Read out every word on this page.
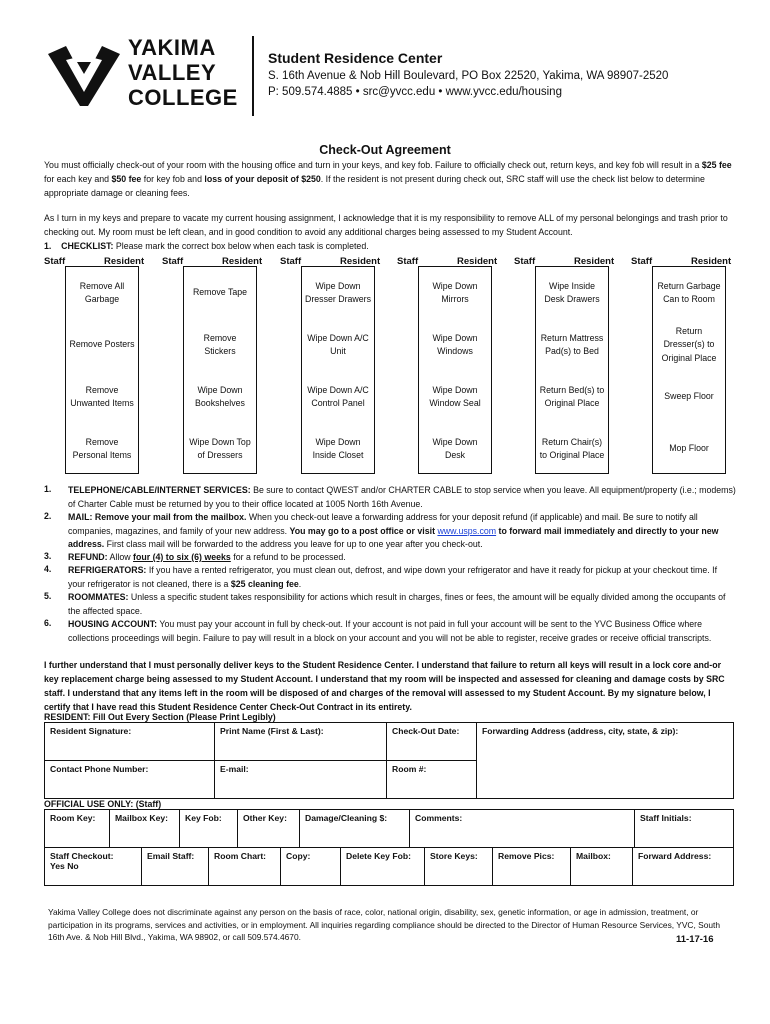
YAKIMA
VALLEY
COLLEGE
Student Residence Center
S. 16th Avenue & Nob Hill Boulevard, PO Box 22520, Yakima, WA 98907-2520
P: 509.574.4885 • src@yvcc.edu • www.yvcc.edu/housing
Check-Out Agreement
You must officially check-out of your room with the housing office and turn in your keys, and key fob. Failure to officially check out, return keys, and key fob will result in a $25 fee for each key and $50 fee for key fob and loss of your deposit of $250. If the resident is not present during check out, SRC staff will use the check list below to determine appropriate damage or cleaning fees.
As I turn in my keys and prepare to vacate my current housing assignment, I acknowledge that it is my responsibility to remove ALL of my personal belongings and trash prior to checking out. My room must be left clean, and in good condition to avoid any additional charges being assessed to my Student Account.
1. CHECKLIST: Please mark the correct box below when each task is completed.
Staff	Resident
Remove All Garbage
Remove Posters
Remove Unwanted Items
Remove Personal Items
Staff	Resident
Remove Tape
Remove Stickers
Wipe Down Bookshelves
Wipe Down Top of Dressers
Staff	Resident
Wipe Down Dresser Drawers
Wipe Down A/C Unit
Wipe Down A/C Control Panel
Wipe Down Inside Closet
Staff	Resident
Wipe Down Mirrors
Wipe Down Windows
Wipe Down Window Seal
Wipe Down Desk
Staff	Resident
Wipe Inside Desk Drawers
Return Mattress Pad(s) to Bed
Return Bed(s) to Original Place
Return Chair(s) to Original Place
Staff	Resident
Return Garbage Can to Room
Return Dresser(s) to Original Place
Sweep Floor
Mop Floor
1.	TELEPHONE/CABLE/INTERNET SERVICES: Be sure to contact QWEST and/or CHARTER CABLE to stop service when you leave. All equipment/property (i.e.; modems) of Charter Cable must be returned by you to their office located at 1005 North 16th Avenue.
2.	MAIL: Remove your mail from the mailbox. When you check-out leave a forwarding address for your deposit refund (if applicable) and mail. Be sure to notify all companies, magazines, and family of your new address. You may go to a post office or visit www.usps.com to forward mail immediately and directly to your new address. First class mail will be forwarded to the address you leave for up to one year after you check-out.
3.	REFUND: Allow four (4) to six (6) weeks for a refund to be processed.
4.	REFRIGERATORS: If you have a rented refrigerator, you must clean out, defrost, and wipe down your refrigerator and have it ready for pickup at your checkout time. If your refrigerator is not cleaned, there is a $25 cleaning fee.
5.	ROOMMATES: Unless a specific student takes responsibility for actions which result in charges, fines or fees, the amount will be equally divided among the occupants of the affected space.
6.	HOUSING ACCOUNT: You must pay your account in full by check-out. If your account is not paid in full your account will be sent to the YVC Business Office where collections proceedings will begin. Failure to pay will result in a block on your account and you will not be able to register, receive grades or receive official transcripts.
I further understand that I must personally deliver keys to the Student Residence Center. I understand that failure to return all keys will result in a lock core and-or key replacement charge being assessed to my Student Account. I understand that my room will be inspected and assessed for cleaning and damage costs by SRC staff. I understand that any items left in the room will be disposed of and charges of the removal will assessed to my Student Account. By my signature below, I certify that I have read this Student Residence Center Check-Out Contract in its entirety.
RESIDENT: Fill Out Every Section (Please Print Legibly)
Resident Signature:	Print Name (First & Last):	Check-Out Date:	Forwarding Address (address, city, state, & zip):
Contact Phone Number:	E-mail:	Room #:	
OFFICIAL USE ONLY: (Staff)
Room Key:	Mailbox Key:	Key Fob:	Other Key:	Damage/Cleaning $:	Comments:	Staff Initials:
Staff Checkout:
Yes No
	Email Staff:	Room Chart:	Copy:	Delete Key Fob:	Store Keys:	Remove Pics:	Mailbox:	Forward Address:
Yakima Valley College does not discriminate against any person on the basis of race, color, national origin, disability, sex, genetic information, or age in admission, treatment, or participation in its programs, services and activities, or in employment. All inquiries regarding compliance should be directed to the Director of Human Resource Services, YVC, South 16th Ave. & Nob Hill Blvd., Yakima, WA 98902, or call 509.574.4670.	11-17-16
